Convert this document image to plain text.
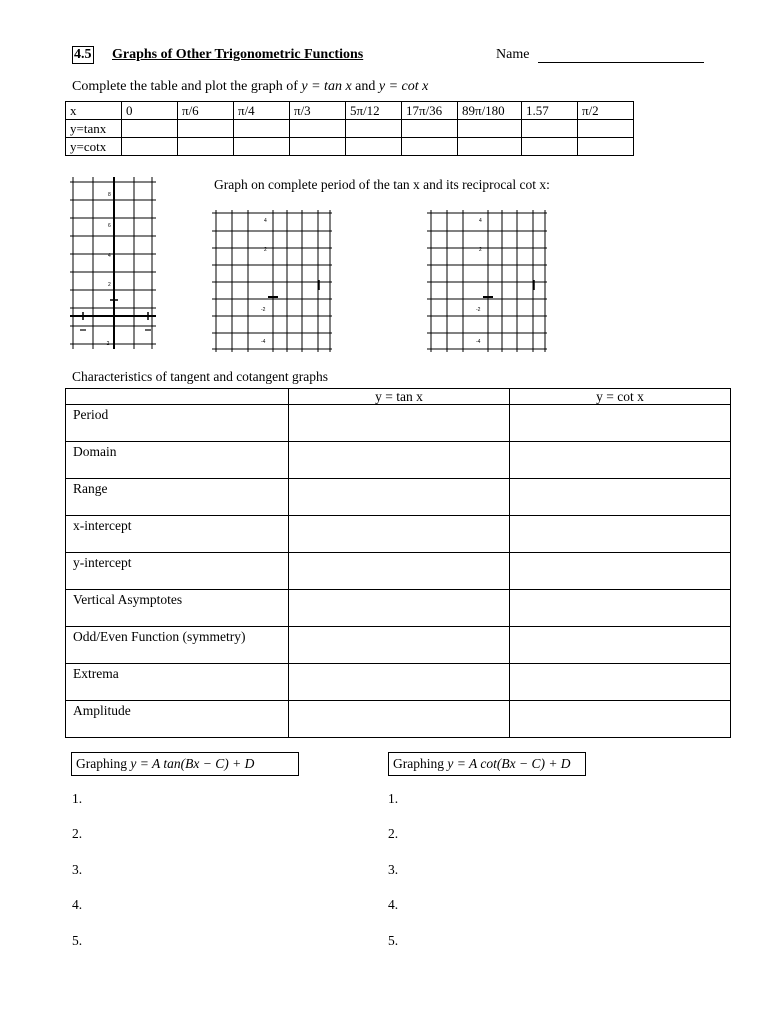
4.5 Graphs of Other Trigonometric Functions	Name
Complete the table and plot the graph of y = tan x and y = cot x
x	0	π/6	π/4	π/3	5π/12	17π/36	89π/180	1.57	π/2
y=tanx									
y=cotx									
Graph on complete period of the tan x and its reciprocal cot x:
8
6
4
2
-2
4
2
-2
-4
4
2
-2
-4
Characteristics of tangent and cotangent graphs
	y = tan x	y = cot x
Period		
Domain		
Range		
x-intercept		
y-intercept		
Vertical Asymptotes		
Odd/Even Function (symmetry)		
Extrema		
Amplitude		
Graphing y = A tan(Bx − C) + D	Graphing y = A cot(Bx − C) + D
1.
2.
3.
4.
5.
1.
2.
3.
4.
5.
